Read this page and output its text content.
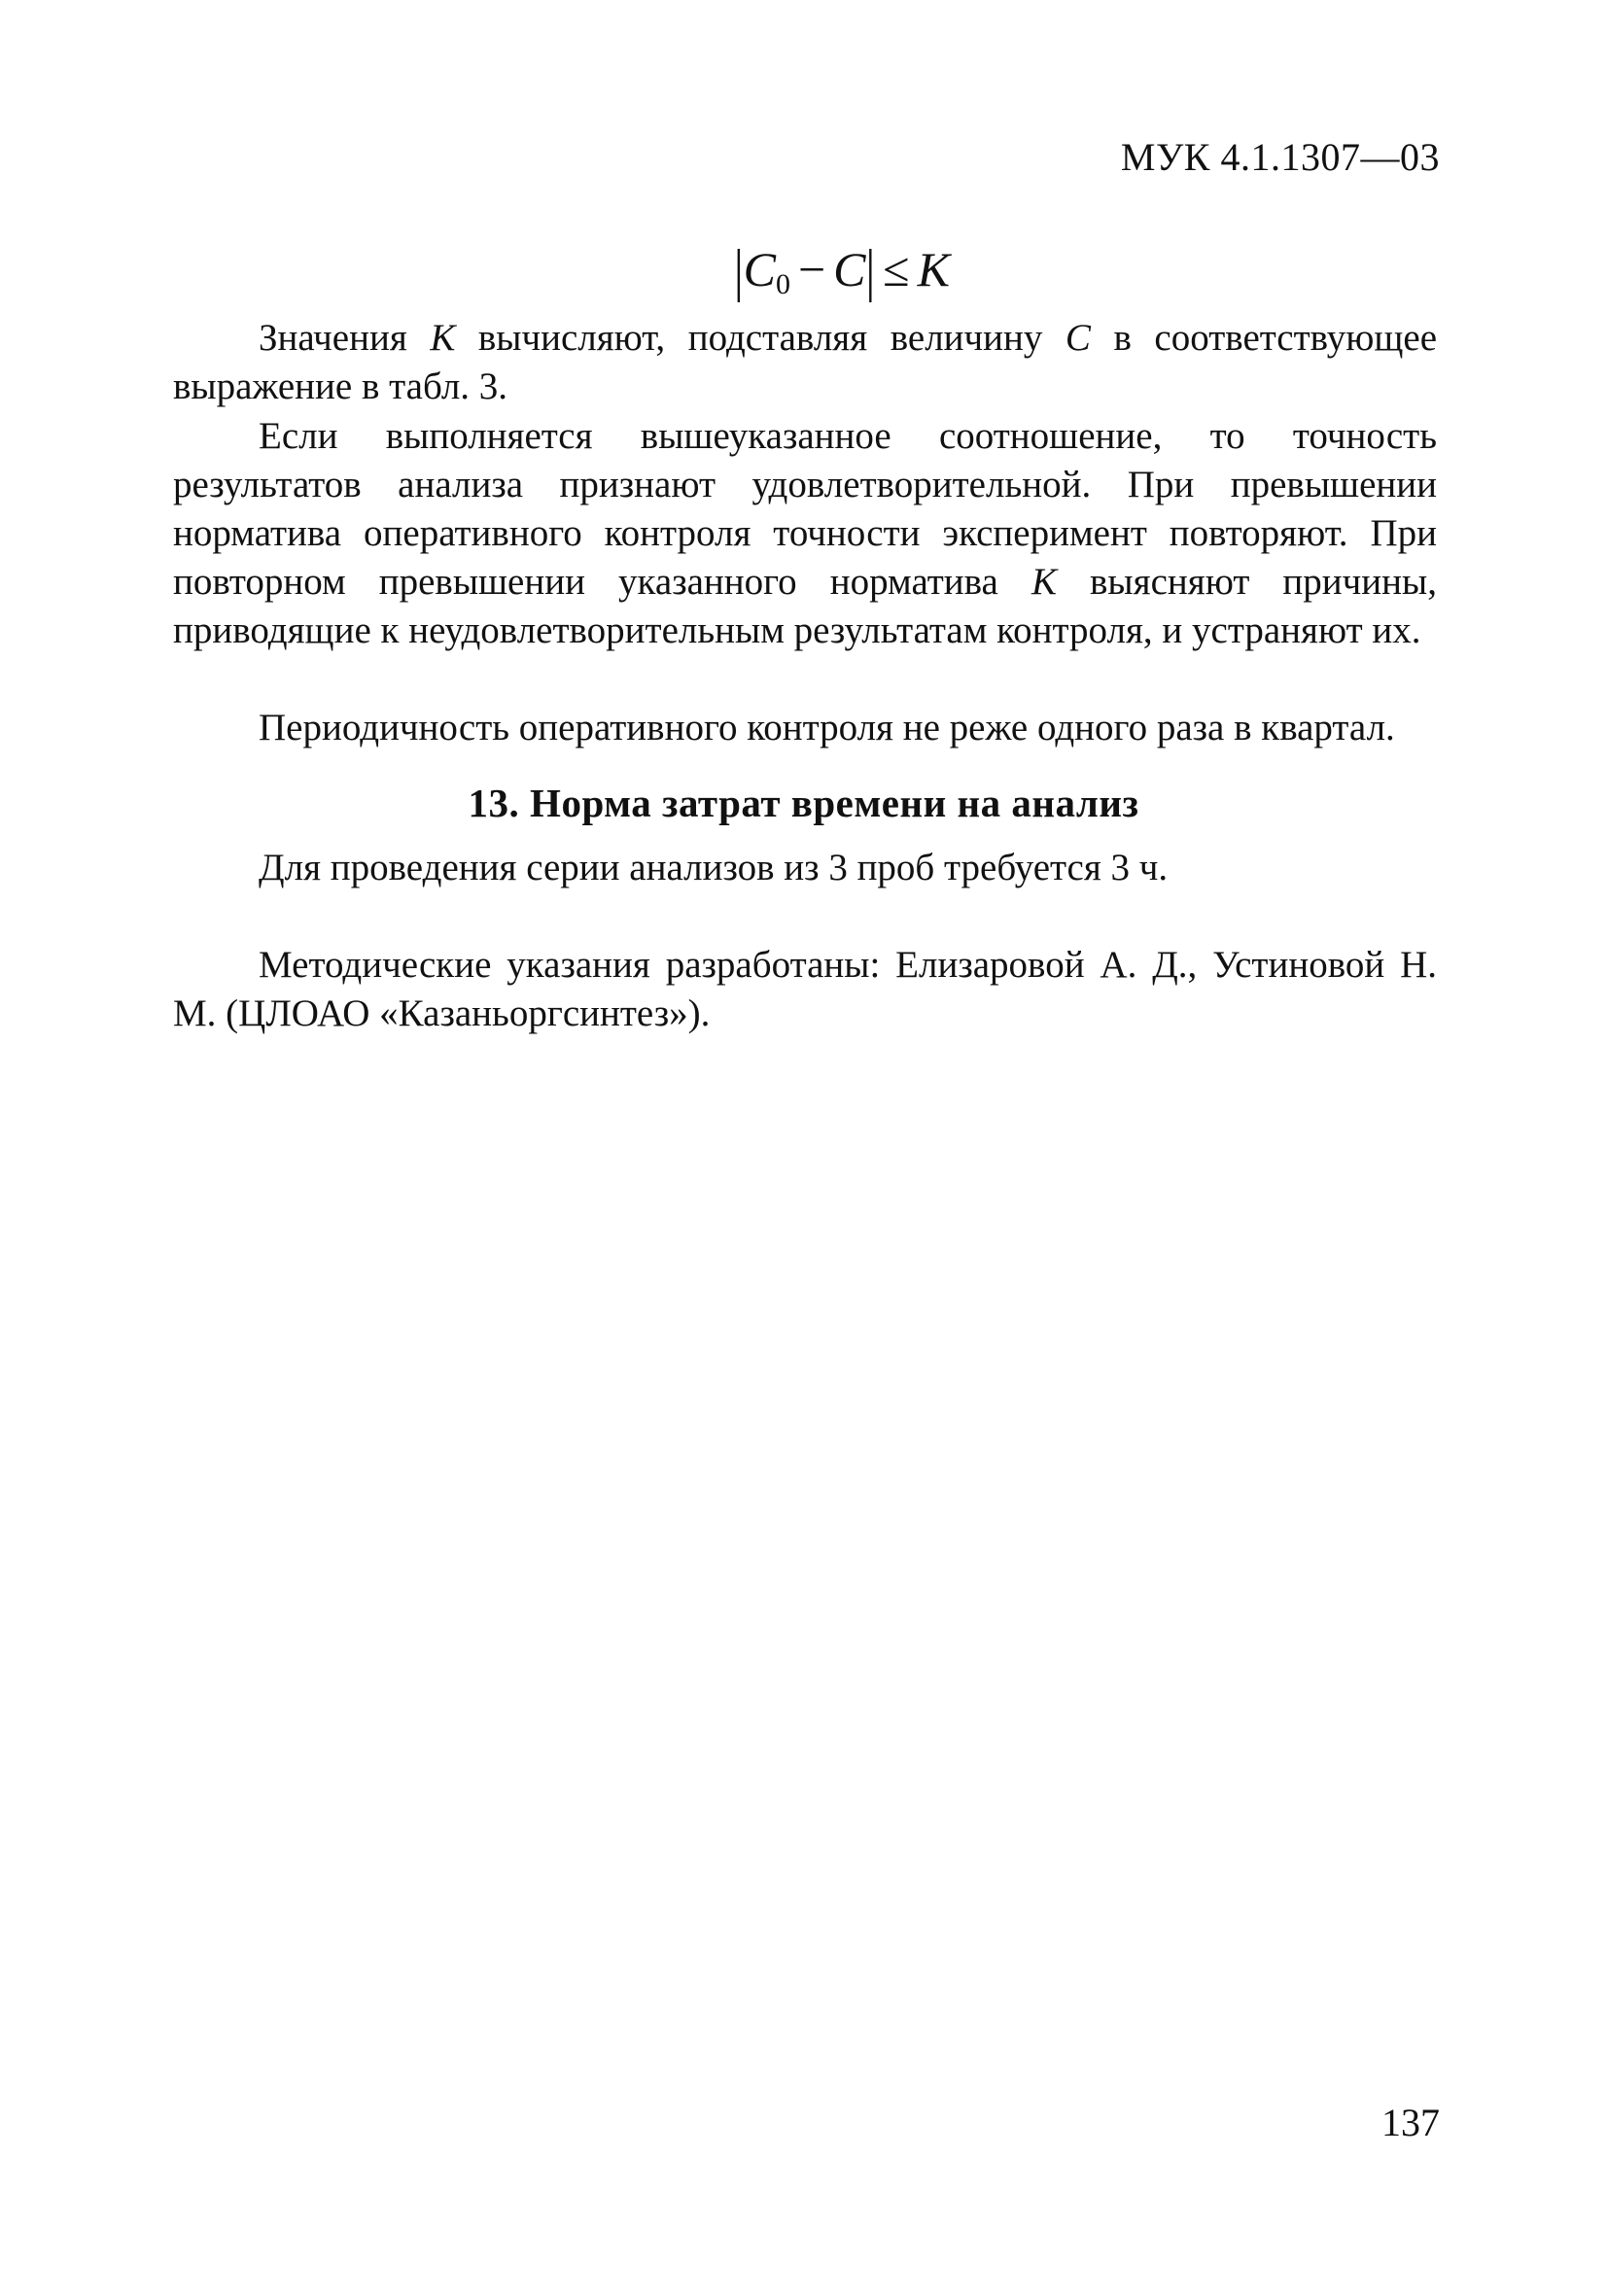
МУК 4.1.1307—03
$|C_0 - C| \le K$

Значения K вычисляют, подставляя величину C в соответствующее выражение в табл. 3.

Если выполняется вышеуказанное соотношение, то точность результатов анализа признают удовлетворительной. При превышении норматива оперативного контроля точности эксперимент повторяют. При повторном превышении указанного норматива K выясняют причины, приводящие к неудовлетворительным результатам контроля, и устраняют их.

Периодичность оперативного контроля не реже одного раза в квартал.

13. Норма затрат времени на анализ

Для проведения серии анализов из 3 проб требуется 3 ч.

Методические указания разработаны: Елизаровой А. Д., Устиновой Н. М. (ЦЛОАО «Казаньоргсинтез»).

137
